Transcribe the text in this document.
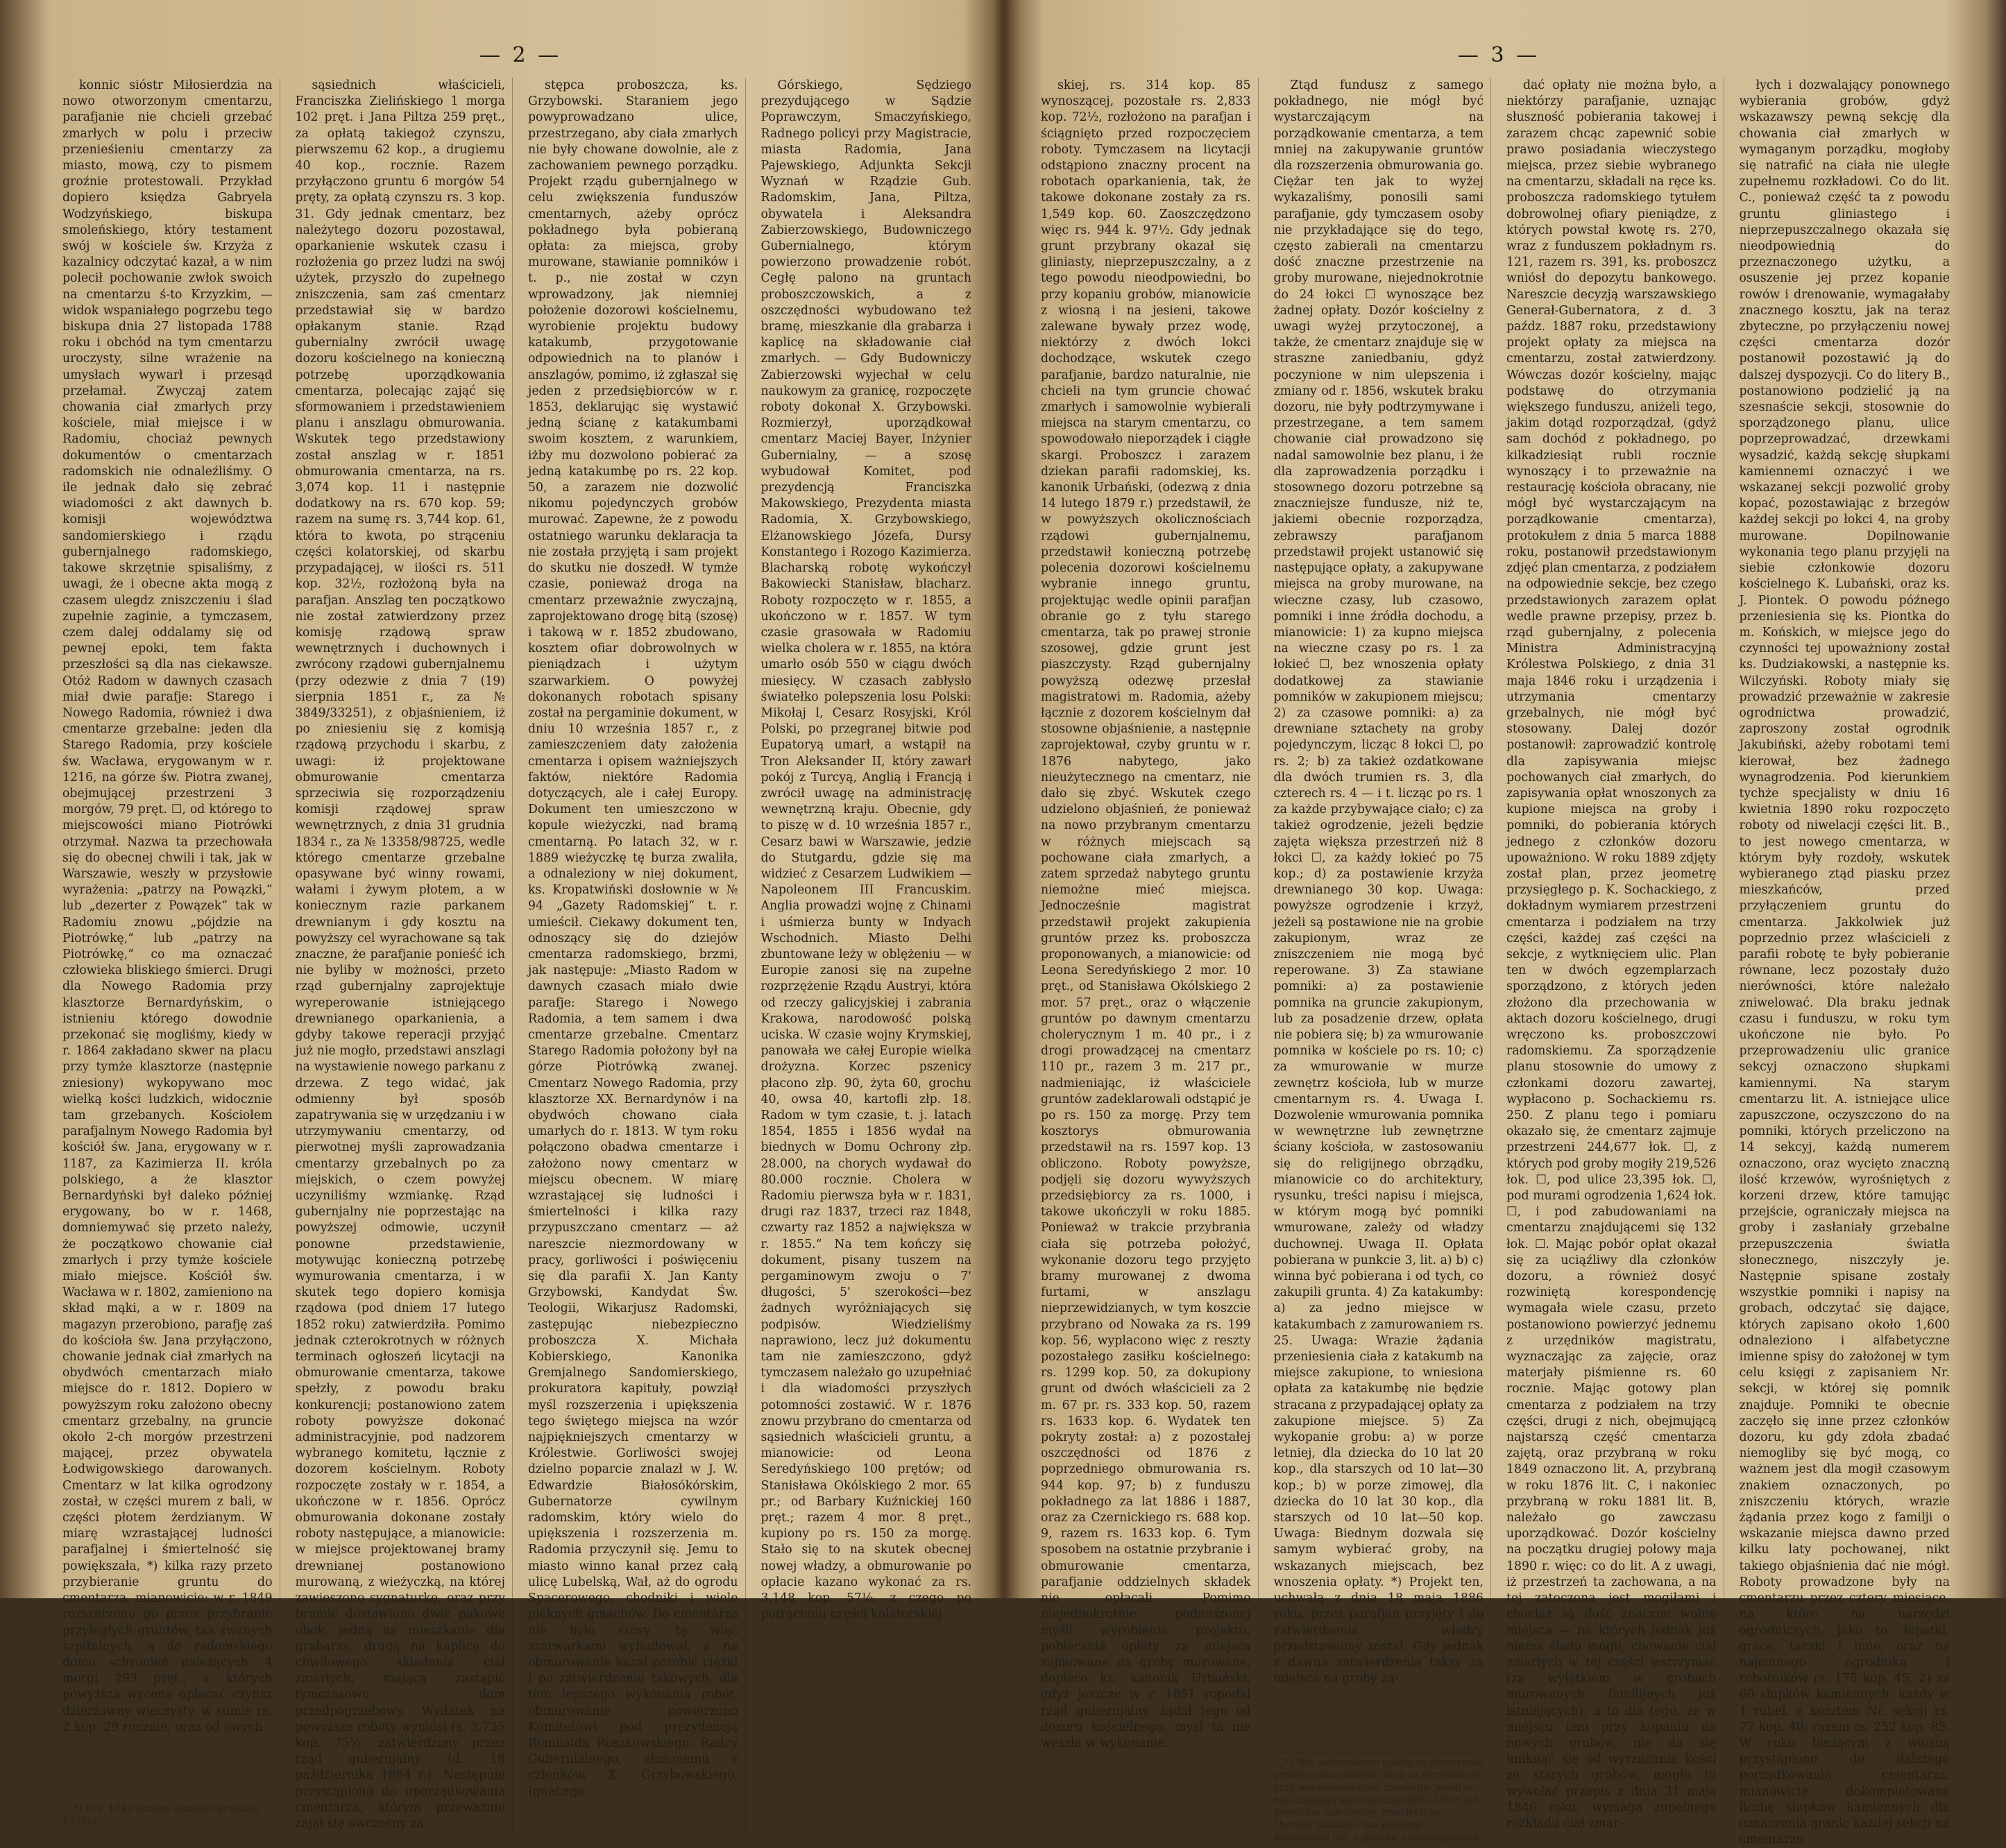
— 2 —

konnic sióstr Miłosierdzia na nowo otworzonym cmentarzu, parafjanie nie chcieli grzebać zmarłych w polu i przeciw przenieśieniu cmentarzy za miasto, mową, czy to pismem groźnie protestowali. Przykład dopiero księdza Gabryela Wodzyńskiego, biskupa smoleńskiego, który testament swój w kościele św. Krzyża z kazalnicy odczytać kazał, a w nim polecił pochowanie zwłok swoich na cmentarzu ś-to Krzyzkim, — widok wspaniałego pogrzebu tego biskupa dnia 27 listopada 1788 roku i obchód na tym cmentarzu uroczysty, silne wrażenie na umysłach wywarł i przesąd przełamał. Zwyczaj zatem chowania ciał zmarłych przy kościele, miał miejsce i w Radomiu, chociaż pewnych dokumentów o cmentarzach radomskich nie odnaleźliśmy. O ile jednak dało się zebrać wiadomości z akt dawnych b. komisji województwa sandomierskiego i rządu gubernjalnego radomskiego, takowe skrzętnie spisaliśmy, z uwagi, że i obecne akta mogą z czasem ulegdz zniszczeniu i ślad zupełnie zaginie, a tymczasem, czem dalej oddalamy się od pewnej epoki, tem fakta przeszłości są dla nas ciekawsze. Otóż Radom w dawnych czasach miał dwie parafje: Starego i Nowego Radomia, również i dwa cmentarze grzebalne: jeden dla Starego Radomia, przy kościele św. Wacława, erygowanym w r. 1216, na górze św. Piotra zwanej, obejmującej przestrzeni 3 morgów, 79 pręt. ☐, od którego to miejscowości miano Piotrówki otrzymał. Nazwa ta przechowała się do obecnej chwili i tak, jak w Warszawie, weszły w przysłowie wyrażenia: „patrzy na Powązki,“ lub „dezerter z Powązek“ tak w Radomiu znowu „pójdzie na Piotrówkę,“ lub „patrzy na Piotrówkę,“ co ma oznaczać człowieka bliskiego śmierci. Drugi dla Nowego Radomia przy klasztorze Bernardyńskim, o istnieniu którego dowodnie przekonać się mogliśmy, kiedy w r. 1864 zakładano skwer na placu przy tymże klasztorze (następnie zniesiony) wykopywano moc wielką kości ludzkich, widocznie tam grzebanych. Kościołem parafjalnym Nowego Radomia był kościół św. Jana, erygowany w r. 1187, za Kazimierza II. króla polskiego, a że klasztor Bernardyński był daleko później erygowany, bo w r. 1468, domniemywać się przeto należy, że początkowo chowanie ciał zmarłych i przy tymże kościele miało miejsce. Kościół św. Wacława w r. 1802, zamieniono na skład mąki, a w r. 1809 na magazyn przerobiono, parafję zaś do kościoła św. Jana przyłączono, chowanie jednak ciał zmarłych na obydwóch cmentarzach miało miejsce do r. 1812. Dopiero w powyższym roku założono obecny cmentarz grzebalny, na gruncie około 2-ch morgów przestrzeni mającej, przez obywatela Łodwigowskiego darowanych. Cmentarz w lat kilka ogrodzony został, w części murem z bali, w części płotem żerdzianym. W miarę wzrastającej ludności parafjalnej i śmiertelność się powiększała, *) kilka razy przeto przybieranie gruntu do cmentarza, mianowicie: w r. 1849 rozszerzono go przez przybranie przyległych gruntów, tak zwanych szpitalnych, a do radomskiego domu schronień należących, 4 morgi 293 pręt., a których powyższa wycena opłacać czynsz dzierżawny wieczysty, w sumie rs. 2 kop. 29 rocznie, oraz od owych

*) W r. 1849 liczono parafjan przeszło 12,000.

sąsiednich właścicieli, Franciszka Zielińskiego 1 morga 102 pręt. i Jana Piltza 259 pręt., za opłatą takiegoż czynszu, pierwszemu 62 kop., a drugiemu 40 kop., rocznie. Razem przyłączono gruntu 6 morgów 54 pręty, za opłatą czynszu rs. 3 kop. 31. Gdy jednak cmentarz, bez należytego dozoru pozostawał, oparkanienie wskutek czasu i rozłożenia go przez ludzi na swój użytek, przyszło do zupełnego zniszczenia, sam zaś cmentarz przedstawiał się w bardzo opłakanym stanie. Rząd gubernialny zwrócił uwagę dozoru kościelnego na konieczną potrzebę uporządkowania cmentarza, polecając zająć się sformowaniem i przedstawieniem planu i anszlagu obmurowania. Wskutek tego przedstawiony został anszlag w r. 1851 obmurowania cmentarza, na rs. 3,074 kop. 11 i następnie dodatkowy na rs. 670 kop. 59; razem na sumę rs. 3,744 kop. 61, która to kwota, po strąceniu części kolatorskiej, od skarbu przypadającej, w ilości rs. 511 kop. 32½, rozłożoną była na parafjan. Anszlag ten początkowo nie został zatwierdzony przez komisję rządową spraw wewnętrznych i duchownych i zwrócony rządowi gubernjalnemu (przy odezwie z dnia 7 (19) sierpnia 1851 r., za № 3849/33251), z objaśnieniem, iż po zniesieniu się z komisją rządową przychodu i skarbu, z uwagi: iż projektowane obmurowanie cmentarza sprzeciwia się rozporządzeniu komisji rządowej spraw wewnętrznych, z dnia 31 grudnia 1834 r., za № 13358/98725, wedle którego cmentarze grzebalne opasywane być winny rowami, wałami i żywym płotem, a w koniecznym razie parkanem drewnianym i gdy kosztu na powyższy cel wyrachowane są tak znaczne, że parafjanie ponieść ich nie byliby w możności, przeto rząd gubernjalny zaprojektuje wyreperowanie istniejącego drewnianego oparkanienia, a gdyby takowe reperacji przyjąć już nie mogło, przedstawi anszlagi na wystawienie nowego parkanu z drzewa. Z tego widać, jak odmienny był sposób zapatrywania się w urzędzaniu i w utrzymywaniu cmentarzy, od pierwotnej myśli zaprowadzania cmentarzy grzebalnych po za miejskich, o czem powyżej uczyniliśmy wzmiankę. Rząd gubernjalny nie poprzestając na powyższej odmowie, uczynił ponowne przedstawienie, motywując konieczną potrzebę wymurowania cmentarza, i w skutek tego dopiero komisja rządowa (pod dniem 17 lutego 1852 roku) zatwierdziła. Pomimo jednak czterokrotnych w różnych terminach ogłoszeń licytacji na obmurowanie cmentarza, takowe spełzły, z powodu braku konkurencji; postanowiono zatem roboty powyższe dokonać administracyjnie, pod nadzorem wybranego komitetu, łącznie z dozorem kościelnym. Roboty rozpoczęte zostały w r. 1854, a ukończone w r. 1856. Oprócz obmurowania dokonane zostały roboty następujące, a mianowicie: w miejsce projektowanej bramy drewnianej postanowiono murowaną, z wieżyczką, na której zawieszono sygnaturkę, oraz przy bramie dostawiono dwie pakowe obok, jedną na mieszkanie dla grabarza, drugą na kaplicę do chwilowego składania ciał zmarłych, mającą zastąpić tymczasowo dom przedpogrzebowy. Wydatek na powyższe roboty wyniósł rs. 3,735 kop. 75½, zatwierdzony przez rząd gubernjalny (d. 18 października 1864 r.). Następnie przystąpiono do uporządkowania cmentarza, którym przeważnie zajął się ówczesny za-

stępca proboszcza, ks. Grzybowski. Staraniem jego powyprowadzano ulice, przestrzegano, aby ciała zmarłych nie były chowane dowolnie, ale z zachowaniem pewnego porządku. Projekt rządu gubernjalnego w celu zwiększenia funduszów cmentarnych, ażeby oprócz pokładnego była pobieraną opłata: za miejsca, groby murowane, stawianie pomników i t. p., nie został w czyn wprowadzony, jak niemniej położenie dozorowi kościelnemu, wyrobienie projektu budowy katakumb, przygotowanie odpowiednich na to planów i anszlagów, pomimo, iż zgłaszał się jeden z przedsiębiorców w r. 1853, deklarując się wystawić jedną ścianę z katakumbami swoim kosztem, z warunkiem, iżby mu dozwolono pobierać za jedną katakumbę po rs. 22 kop. 50, a zarazem nie dozwolić nikomu pojedynczych grobów murować. Zapewne, że z powodu ostatniego warunku deklaracja ta nie została przyjętą i sam projekt do skutku nie doszedł. W tymże czasie, ponieważ droga na cmentarz przeważnie zwyczajną, zaprojektowano drogę bitą (szosę) i takową w r. 1852 zbudowano, kosztem ofiar dobrowolnych w pieniądzach i użytym szarwarkiem. O powyżej dokonanych robotach spisany został na pergaminie dokument, w dniu 10 września 1857 r., z zamieszczeniem daty założenia cmentarza i opisem ważniejszych faktów, niektóre Radomia dotyczących, ale i całej Europy. Dokument ten umieszczono w kopule wieżyczki, nad bramą cmentarną. Po latach 32, w r. 1889 wieżyczkę tę burza zwaliła, a odnaleziony w niej dokument, ks. Kropatwiński dosłownie w № 94 „Gazety Radomskiej“ t. r. umieścił. Ciekawy dokument ten, odnoszący się do dziejów cmentarza radomskiego, brzmi, jak następuje: „Miasto Radom w dawnych czasach miało dwie parafje: Starego i Nowego Radomia, a tem samem i dwa cmentarze grzebalne. Cmentarz Starego Radomia położony był na górze Piotrówką zwanej. Cmentarz Nowego Radomia, przy klasztorze XX. Bernardynów i na obydwóch chowano ciała umarłych do r. 1813. W tym roku połączono obadwa cmentarze i założono nowy cmentarz w miejscu obecnem. W miarę wzrastającej się ludności i śmiertelności i kilka razy przypuszczano cmentarz — aż nareszcie niezmordowany w pracy, gorliwości i poświęceniu się dla parafii X. Jan Kanty Grzybowski, Kandydat Św. Teologii, Wikarjusz Radomski, zastępując niebezpieczno proboszcza X. Michała Kobierskiego, Kanonika Gremjalnego Sandomierskiego, prokuratora kapituły, powziął myśl rozszerzenia i upiększenia tego świętego miejsca na wzór najpiękniejszych cmentarzy w Królestwie. Gorliwości swojej dzielno poparcie znalazł w J. W. Edwardzie Białosókórskim, Gubernatorze cywilnym radomskim, który wielo do upiększenia i rozszerzenia m. Radomia przyczynił się. Jemu to miasto winno kanał przez całą ulicę Lubelską, Wał, aż do ogrodu Spacerowego, chodniki i wiele pięknych gmachów. Do cmentarza nie było szosy, tę więc szarwarkami wybudował, a na obmurowanie kazał porobić ciężki i po zatwierdzeniu takowych, dla tem lepszego wykonania robót, obmurowanie powierzono Komitetowi pod prezydencją Romualda Roszkowskiego, Radcy Gubernialnego, złożonemu z członków, X. Grzybowskiego, Ignacego

Górskiego, Sędziego prezydującego w Sądzie Poprawczym, Smaczyńskiego, Radnego policyi przy Magistracie, miasta Radomia, Jana Pajewskiego, Adjunkta Sekcji Wyznań w Rządzie Gub. Radomskim, Jana, Piltza, obywatela i Aleksandra Zabierzowskiego, Budowniczego Gubernialnego, którym powierzono prowadzenie robót. Cegłę palono na gruntach proboszczowskich, a z oszczędności wybudowano też bramę, mieszkanie dla grabarza i kaplicę na składowanie ciał zmarłych. — Gdy Budowniczy Zabierzowski wyjechał w celu naukowym za granicę, rozpoczęte roboty dokonał X. Grzybowski. Rozmierzył, uporządkował cmentarz Maciej Bayer, Inżynier Gubernialny, — a szosę wybudował Komitet, pod prezydencją Franciszka Makowskiego, Prezydenta miasta Radomia, X. Grzybowskiego, Elżanowskiego Józefa, Dursy Konstantego i Rozogo Kazimierza. Blacharską robotę wykończył Bakowiecki Stanisław, blacharz. Roboty rozpoczęto w r. 1855, a ukończono w r. 1857. W tym czasie grasowała w Radomiu wielka cholera w r. 1855, na która umarło osób 550 w ciągu dwóch miesięcy. W czasach zabłysło światełko polepszenia losu Polski: Mikołaj I, Cesarz Rosyjski, Król Polski, po przegranej bitwie pod Eupatoryą umarł, a wstąpił na Tron Aleksander II, który zawarł pokój z Turcyą, Anglią i Francją i zwrócił uwagę na administrację wewnętrzną kraju. Obecnie, gdy to piszę w d. 10 września 1857 r., Cesarz bawi w Warszawie, jedzie do Stutgardu, gdzie się ma widzieć z Cesarzem Ludwikiem — Napoleonem III Francuskim. Anglia prowadzi wojnę z Chinami i uśmierza bunty w Indyach Wschodnich. Miasto Delhi zbuntowane leży w oblężeniu — w Europie zanosi się na zupełne rozprzężenie Rządu Austryi, która od rzeczy galicyjskiej i zabrania Krakowa, narodowość polską uciska. W czasie wojny Krymskiej, panowała we całej Europie wielka drożyzna. Korzec pszenicy płacono złp. 90, żyta 60, grochu 40, owsa 40, kartofli złp. 18. Radom w tym czasie, t. j. latach 1854, 1855 i 1856 wydał na biednych w Domu Ochrony złp. 28.000, na chorych wydawał do 80.000 rocznie. Cholera w Radomiu pierwsza była w r. 1831, drugi raz 1837, trzeci raz 1848, czwarty raz 1852 a największa w r. 1855.“ Na tem kończy się dokument, pisany tuszem na pergaminowym zwoju o 7' długości, 5' szerokości—bez żadnych wyróżniających się podpisów. Wiedzieliśmy naprawiono, lecz już dokumentu tam nie zamieszczono, gdyż tymczasem należało go uzupełniać i dla wiadomości przyszłych potomności zostawić. W r. 1876 znowu przybrano do cmentarza od sąsiednich właścicieli gruntu, a mianowicie: od Leona Seredyńskiego 100 prętów; od Stanisława Okólskiego 2 mor. 65 pr.; od Barbary Kuźnickiej 160 pręt.; razem 4 mor. 8 pręt., kupiony po rs. 150 za morgę. Stało się to na skutek obecnej nowej władzy, a obmurowanie po opłacie kazano wykonać za rs. 3,148 kop. 57½, z czego po potrąceniu części kolatorskiej

— 3 —

skiej, rs. 314 kop. 85 wynoszącej, pozostałe rs. 2,833 kop. 72½, rozłożono na parafjan i ściągnięto przed rozpoczęciem roboty. Tymczasem na licytacji odstąpiono znaczny procent na robotach oparkanienia, tak, że takowe dokonane zostały za rs. 1,549 kop. 60. Zaoszczędzono więc rs. 944 k. 97½. Gdy jednak grunt przybrany okazał się gliniasty, nieprzepuszczalny, a z tego powodu nieodpowiedni, bo przy kopaniu grobów, mianowicie z wiosną i na jesieni, takowe zalewane bywały przez wodę, niektórzy z dwóch lokci dochodzące, wskutek czego parafjanie, bardzo naturalnie, nie chcieli na tym gruncie chować zmarłych i samowolnie wybierali miejsca na starym cmentarzu, co spowodowało nieporządek i ciągłe skargi. Proboszcz i zarazem dziekan parafii radomskiej, ks. kanonik Urbański, (odezwą z dnia 14 lutego 1879 r.) przedstawił, że w powyższych okolicznościach rządowi gubernjalnemu, przedstawił konieczną potrzebę polecenia dozorowi kościelnemu wybranie innego gruntu, projektując wedle opinii parafjan obranie go z tyłu starego cmentarza, tak po prawej stronie szosowej, gdzie grunt jest piaszczysty. Rząd gubernjalny powyższą odezwę przesłał magistratowi m. Radomia, ażeby łącznie z dozorem kościelnym dał stosowne objaśnienie, a następnie zaprojektował, czyby gruntu w r. 1876 nabytego, jako nieużytecznego na cmentarz, nie dało się zbyć. Wskutek czego udzielono objaśnień, że ponieważ na nowo przybranym cmentarzu w różnych miejscach są pochowane ciała zmarłych, a zatem sprzedaż nabytego gruntu niemożne mieć miejsca. Jednocześnie magistrat przedstawił projekt zakupienia gruntów przez ks. proboszcza proponowanych, a mianowicie: od Leona Seredyńskiego 2 mor. 10 pręt., od Stanisława Okólskiego 2 mor. 57 pręt., oraz o włączenie gruntów po dawnym cmentarzu cholerycznym 1 m. 40 pr., i z drogi prowadzącej na cmentarz 110 pr., razem 3 m. 217 pr., nadmieniając, iż właściciele gruntów zadeklarowali odstąpić je po rs. 150 za morgę. Przy tem kosztorys obmurowania przedstawił na rs. 1597 kop. 13 obliczono. Roboty powyższe, podjęli się dozoru wywyższych przedsiębiorcy za rs. 1000, i takowe ukończyli w roku 1885. Ponieważ w trakcie przybrania ciała się potrzeba położyć, wykonanie dozoru tego przyjęto bramy murowanej z dwoma furtami, w anszlagu nieprzewidzianych, w tym koszcie przybrano od Nowaka za rs. 199 kop. 56, wyplacono więc z reszty pozostałego zasiłku kościelnego: rs. 1299 kop. 50, za dokupiony grunt od dwóch właścicieli za 2 m. 67 pr. rs. 333 kop. 50, razem rs. 1633 kop. 6. Wydatek ten pokryty został: a) z pozostałej oszczędności od 1876 z poprzedniego obmurowania rs. 944 kop. 97; b) z funduszu pokładnego za lat 1886 i 1887, oraz za Czernickiego rs. 688 kop. 9, razem rs. 1633 kop. 6. Tym sposobem na ostatnie przybranie i obmurowanie cmentarza, parafjanie oddzielnych składek nie opłacali. Pomimo niejednokrotnie podnoszonej myśli wyrobienia projektu, pobierania opłaty za miejsca zajmowane na groby murowane, dopiero ks. kanonik Urbański, gdyż jeszcze w r. 1851 ropodal rząd gubernjalny, żądał tego od dozoru kościelnego, myśl ta nie weszła w wykonanie.

Ztąd fundusz z samego pokładnego, nie mógł być wystarczającym na porządkowanie cmentarza, a tem mniej na zakupywanie gruntów dla rozszerzenia obmurowania go. Ciężar ten jak to wyżej wykazaliśmy, ponosili sami parafjanie, gdy tymczasem osoby nie przykładające się do tego, często zabierali na cmentarzu dość znaczne przestrzenie na groby murowane, niejednokrotnie do 24 łokci ☐ wynoszące bez żadnej opłaty. Dozór kościelny z uwagi wyżej przytoczonej, a także, że cmentarz znajduje się w straszne zaniedbaniu, gdyż poczynione w nim ulepszenia i zmiany od r. 1856, wskutek braku dozoru, nie były podtrzymywane i przestrzegane, a tem samem chowanie ciał prowadzono się nadal samowolnie bez planu, i że dla zaprowadzenia porządku i stosownego dozoru potrzebne są znaczniejsze fundusze, niż te, jakiemi obecnie rozporządza, zebrawszy parafjanom przedstawił projekt ustanowić się następujące opłaty, a zakupywane miejsca na groby murowane, na wieczne czasy, lub czasowo, pomniki i inne źródła dochodu, a mianowicie: 1) za kupno miejsca na wieczne czasy po rs. 1 za łokieć ☐, bez wnoszenia opłaty dodatkowej za stawianie pomników w zakupionem miejscu; 2) za czasowe pomniki: a) za drewniane sztachety na groby pojedynczym, licząc 8 łokci ☐, po rs. 2; b) za takież ozdatkowane dla dwóch trumien rs. 3, dla czterech rs. 4 — i t. licząc po rs. 1 za każde przybywające ciało; c) za takież ogrodzenie, jeżeli będzie zajęta większa przestrzeń niż 8 łokci ☐, za każdy łokieć po 75 kop.; d) za postawienie krzyża drewnianego 30 kop. Uwaga: powyższe ogrodzenie i krzyż, jeżeli są postawione nie na grobie zakupionym, wraz ze zniszczeniem nie mogą być reperowane. 3) Za stawiane pomniki: a) za postawienie pomnika na gruncie zakupionym, lub za posadzenie drzew, opłata nie pobiera się; b) za wmurowanie pomnika w kościele po rs. 10; c) za wmurowanie w murze zewnętrz kościoła, lub w murze cmentarnym rs. 4. Uwaga I. Dozwolenie wmurowania pomnika w wewnętrzne lub zewnętrzne ściany kościoła, w zastosowaniu się do religijnego obrządku, mianowicie co do architektury, rysunku, treści napisu i miejsca, w którym mogą być pomniki wmurowane, zależy od władzy duchownej. Uwaga II. Opłata pobierana w punkcie 3, lit. a) b) c) winna być pobierana i od tych, co zakupili grunta. 4) Za katakumby: a) za jedno miejsce w katakumbach z zamurowaniem rs. 25. Uwaga: Wrazie żądania przeniesienia ciała z katakumb na miejsce zakupione, to wniesiona opłata za katakumbę nie będzie stracana z przypadającej opłaty za zakupione miejsce. 5) Za wykopanie grobu: a) w porze letniej, dla dziecka do 10 lat 20 kop., dla starszych od 10 lat—30 kop.; b) w porze zimowej, dla dziecka do 10 lat 30 kop., dla starszych od 10 lat—50 kop. Uwaga: Biednym dozwala się samym wybierać groby, na wskazanych miejscach, bez wnoszenia opłaty. *) Projekt ten, uchwałą z dnia 18 maja 1886 roku, przez parafjan przyjęty i do zatwierdzenia władzy przedstawiony został. Gdy jednak z dawna zatwierdzenia taksy za miejsca na groby za-

*) Nie ustanowiono opłaty za otwieranie grobów murowanych, oraz za dezynfekcję, przy wstawianiu ciała zmarłego, jeżeli w nim znajdują się ciała zmarłych, które już przedtem należałoby, zmarłych na choroby zakaźne, lub pobierać, mianowicie też, z grobów niezakupionych.

dać opłaty nie można było, a niektórzy parafjanie, uznając słuszność pobierania takowej i zarazem chcąc zapewnić sobie prawo posiadania wieczystego miejsca, przez siebie wybranego na cmentarzu, składali na ręce ks. proboszcza radomskiego tytułem dobrowolnej ofiary pieniądze, z których powstał kwotę rs. 270, wraz z funduszem pokładnym rs. 121, razem rs. 391, ks. proboszcz wniósł do depozytu bankowego. Nareszcie decyzją warszawskiego Generał-Gubernatora, z d. 3 paźdz. 1887 roku, przedstawiony projekt opłaty za miejsca na cmentarzu, został zatwierdzony. Wówczas dozór kościelny, mając podstawę do otrzymania większego funduszu, aniżeli tego, jakim dotąd rozporządzał, (gdyż sam dochód z pokładnego, po kilkadziesiąt rubli rocznie wynoszący i to przeważnie na restaurację kościoła obracany, nie mógł być wystarczającym na porządkowanie cmentarza), protokułem z dnia 5 marca 1888 roku, postanowił przedstawionym zdjęć plan cmentarza, z podziałem na odpowiednie sekcje, bez czego przedstawionych zarazem opłat wedle prawne przepisy, przez b. rząd gubernjalny, z polecenia Ministra Administracyjną Królestwa Polskiego, z dnia 31 maja 1846 roku i urządzenia i utrzymania cmentarzy grzebalnych, nie mógł być stosowany. Dalej dozór postanowił: zaprowadzić kontrolę dla zapisywania miejsc pochowanych ciał zmarłych, do zapisywania opłat wnoszonych za kupione miejsca na groby i pomniki, do pobierania których jednego z członków dozoru upoważniono. W roku 1889 zdjęty został plan, przez jeometrę przysięgłego p. K. Sochackiego, z dokładnym wymiarem przestrzeni cmentarza i podziałem na trzy części, każdej zaś części na sekcje, z wytknięciem ulic. Plan ten w dwóch egzemplarzach sporządzono, z których jeden złożono dla przechowania w aktach dozoru kościelnego, drugi wręczono ks. proboszczowi radomskiemu. Za sporządzenie planu stosownie do umowy z członkami dozoru zawartej, wypłacono p. Sochackiemu rs. 250. Z planu tego i pomiaru okazało się, że cmentarz zajmuje przestrzeni 244,677 łok. ☐, z których pod groby mogiły 219,526 łok. ☐, pod ulice 23,395 łok. ☐, pod murami ogrodzenia 1,624 łok. ☐, i pod zabudowaniami na cmentarzu znajdującemi się 132 łok. ☐. Mając pobór opłat okazał się za uciąźliwy dla członków dozoru, a również dosyć rozwiniętą korespondencję wymagała wiele czasu, przeto postanowiono powierzyć jednemu z urzędników magistratu, wyznaczając za zajęcie, oraz materjały piśmienne rs. 60 rocznie. Mając gotowy plan cmentarza z podziałem na trzy części, drugi z nich, obejmującą najstarszą część cmentarza zajętą, oraz przybraną w roku 1849 oznaczono lit. A, przybraną w roku 1876 lit. C, i nakoniec przybraną w roku 1881 lit. B, należało go zawczasu uporządkować. Dozór kościelny na początku drugiej połowy maja 1890 r. więc: co do lit. A z uwagi, iż przestrzeń ta zachowana, a na tej zatoczona jest mogiłami i chociaż są dość znaczne wolne miejsca — na których jednak już niema śladu mogił, chowanie ciał zmarłych w tej części wstrzymać (za wyjątkiem w grobach murowanych familijnych już istniejących), a to dla tego, że w miejscu tem przy kopaniu na nowych grobów, nie da się uniknąć się od wyrzucania kości ze starych grobów, mogło to wywołać przepis z dnia 31 maja 1846 roku, wymaga zupełnego rozkładu ciał zmar-

łych i dozwalający ponownego wybierania grobów, gdyż wskazawszy pewną sekcję dla chowania ciał zmarłych w wymaganym porządku, mogłoby się natrafić na ciała nie uległe zupełnemu rozkładowi. Co do lit. C., ponieważ część ta z powodu gruntu gliniastego i nieprzepuszczalnego okazała się nieodpowiednią do przeznaczonego użytku, a osuszenie jej przez kopanie rowów i drenowanie, wymagałaby znacznego kosztu, jak na teraz zbyteczne, po przyłączeniu nowej części cmentarza dozór postanowił pozostawić ją do dalszej dyspozycji. Co do litery B., postanowiono podzielić ją na szesnaście sekcji, stosownie do sporządzonego planu, ulice poprzeprowadzać, drzewkami wysadzić, każdą sekcję słupkami kamiennemi oznaczyć i we wskazanej sekcji pozwolić groby kopać, pozostawiając z brzegów każdej sekcji po łokci 4, na groby murowane. Dopilnowanie wykonania tego planu przyjęli na siebie członkowie dozoru kościelnego K. Lubański, oraz ks. J. Piontek. O powodu późnego przeniesienia się ks. Piontka do m. Końskich, w miejsce jego do czynności tej upoważniony został ks. Dudziakowski, a następnie ks. Wilczyński. Roboty miały się prowadzić przeważnie w zakresie ogrodnictwa prowadzić, zaproszony został ogrodnik Jakubiński, ażeby robotami temi kierował, bez żadnego wynagrodzenia. Pod kierunkiem tychże specjalisty w dniu 16 kwietnia 1890 roku rozpoczęto roboty od niwelacji części lit. B., to jest nowego cmentarza, w którym były rozdoły, wskutek wybieranego ztąd piasku przez mieszkańców, przed przyłączeniem gruntu do cmentarza. Jakkolwiek już poprzednio przez właścicieli z parafii robotę te były pobieranie równane, lecz pozostały dużo nierówności, które należało zniwelować. Dla braku jednak czasu i funduszu, w roku tym ukończone nie było. Po przeprowadzeniu ulic granice sekcyj oznaczono słupkami kamiennymi. Na starym cmentarzu lit. A. istniejące ulice zapuszczone, oczyszczono do na pomniki, których przeliczono na 14 sekcyj, każdą numerem oznaczono, oraz wycięto znaczną ilość krzewów, wyrośniętych z korzeni drzew, które tamując przejście, ograniczały miejsca na groby i zasłaniały grzebalne przepuszczenia światła słonecznego, niszczyły je. Następnie spisane zostały wszystkie pomniki i napisy na grobach, odczytać się dające, których zapisano około 1,600 odnaleziono i alfabetyczne imienne spisy do założonej w tym celu księgi z zapisaniem Nr. sekcji, w której się pomnik znajduje. Pomniki te obecnie zaczęło się inne przez członków dozoru, ku gdy zdoła zbadać niemogliby się być mogą, co ważnem jest dla mogił czasowym znakiem oznaczonych, po zniszczeniu których, wrazie żądania przez kogo z familji o wskazanie miejsca dawno przed kilku laty pochowanej, nikt takiego objaśnienia dać nie mógł. Roboty prowadzone były na cmentarzu przez cztery miesiące, na które na narzędzi ogrodniczych, jako to: łopatki, grace, taczki i inne, oraz na najemnego ogrodnika i robotników rs. 175 kop. 45, 2) za 60 slupków kamiennych, każdy w 1 rubel, z kosztem Nr. sekcji rs. 77 kop. 40; razem rs. 252 kop. 85. W roku bieżącym z wiosną przystąpiono do dalszego porządkowania cmentarza, mianowicie: dokompletowano liczbę słupków kamiennych dla oznaczenia granic każdej sekcji na cmentarzu
